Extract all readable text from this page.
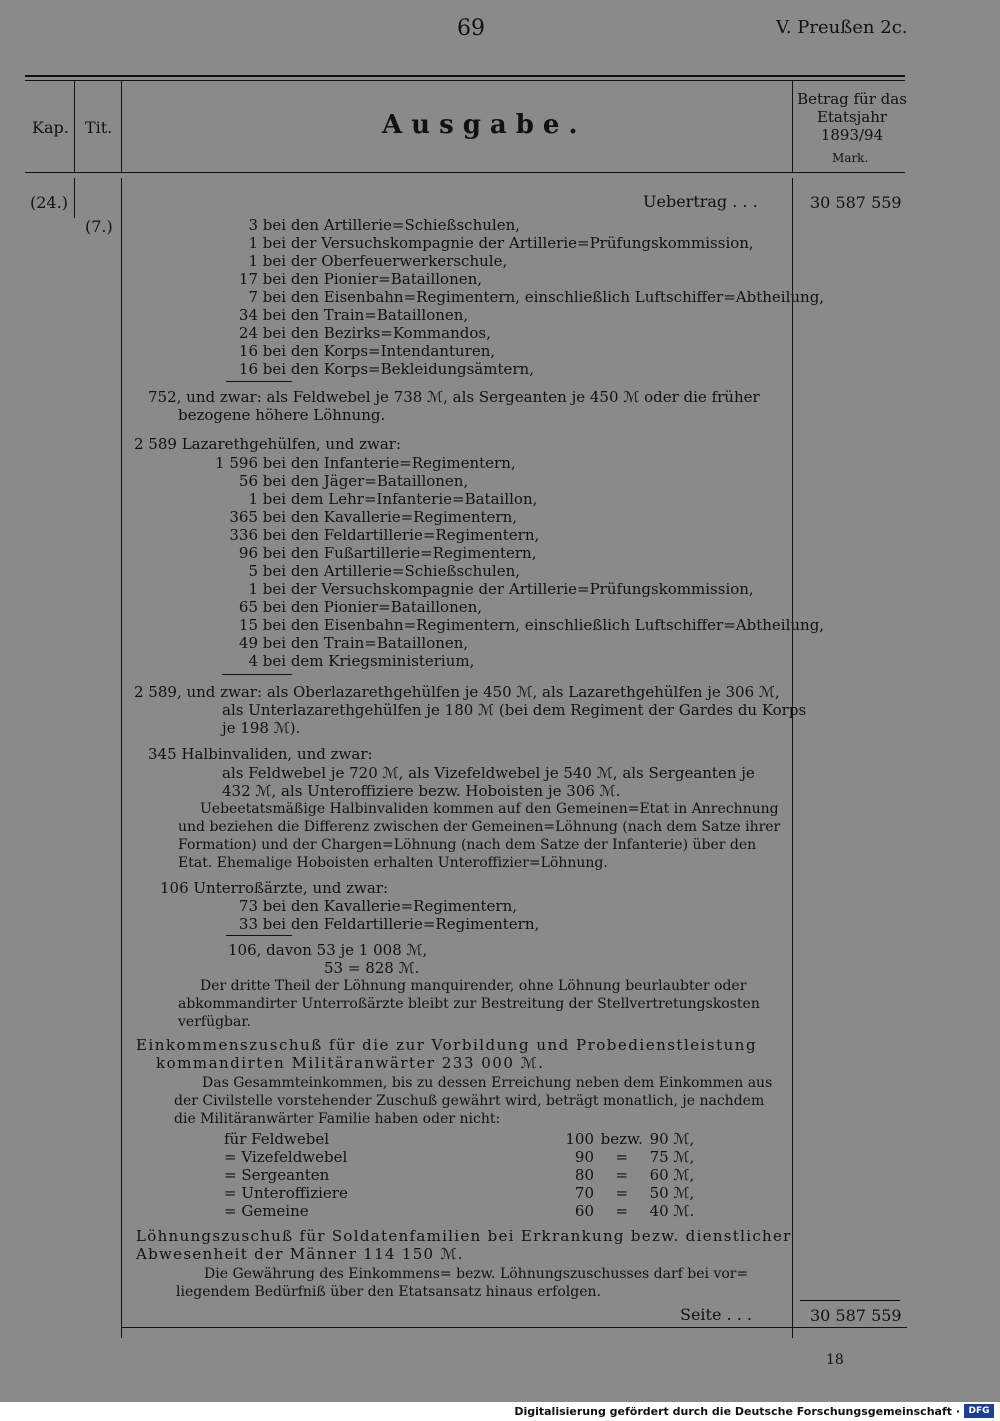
69	V. Preußen 2c.
Kap. Tit.	Ausgabe.
Betrag für das Etatsjahr 1893/94
Mark.
(24.)
(7.)
Uebertrag . . .	30 587 559
3 bei den Artillerie=Schießschulen,
1 bei der Versuchskompagnie der Artillerie=Prüfungskommission,
1 bei der Oberfeuerwerkerschule,
17 bei den Pionier=Bataillonen,
7 bei den Eisenbahn=Regimentern, einschließlich Luftschiffer=Abtheilung,
34 bei den Train=Bataillonen,
24 bei den Bezirks=Kommandos,
16 bei den Korps=Intendanturen,
16 bei den Korps=Bekleidungsämtern,
752, und zwar: als Feldwebel je 738 ℳ, als Sergeanten je 450 ℳ oder die früher
bezogene höhere Löhnung.
2 589 Lazarethgehülfen, und zwar:
1 596 bei den Infanterie=Regimentern,
56 bei den Jäger=Bataillonen,
1 bei dem Lehr=Infanterie=Bataillon,
365 bei den Kavallerie=Regimentern,
336 bei den Feldartillerie=Regimentern,
96 bei den Fußartillerie=Regimentern,
5 bei den Artillerie=Schießschulen,
1 bei der Versuchskompagnie der Artillerie=Prüfungskommission,
65 bei den Pionier=Bataillonen,
15 bei den Eisenbahn=Regimentern, einschließlich Luftschiffer=Abtheilung,
49 bei den Train=Bataillonen,
4 bei dem Kriegsministerium,
2 589, und zwar: als Oberlazarethgehülfen je 450 ℳ, als Lazarethgehülfen je 306 ℳ,
als Unterlazarethgehülfen je 180 ℳ (bei dem Regiment der Gardes du Korps
je 198 ℳ).
345 Halbinvaliden, und zwar:
als Feldwebel je 720 ℳ, als Vizefeldwebel je 540 ℳ, als Sergeanten je
432 ℳ, als Unteroffiziere bezw. Hoboisten je 306 ℳ.
Uebeetatsmäßige Halbinvaliden kommen auf den Gemeinen=Etat in Anrechnung
und beziehen die Differenz zwischen der Gemeinen=Löhnung (nach dem Satze ihrer
Formation) und der Chargen=Löhnung (nach dem Satze der Infanterie) über den
Etat. Ehemalige Hoboisten erhalten Unteroffizier=Löhnung.
106 Unterroßärzte, und zwar:
73 bei den Kavallerie=Regimentern,
33 bei den Feldartillerie=Regimentern,
106, davon 53 je 1 008 ℳ,
53 = 828 ℳ.
Der dritte Theil der Löhnung manquirender, ohne Löhnung beurlaubter oder
abkommandirter Unterroßärzte bleibt zur Bestreitung der Stellvertretungskosten
verfügbar.
Einkommenszuschuß für die zur Vorbildung und Probedienstleistung
kommandirten Militäranwärter 233 000 ℳ.
Das Gesammteinkommen, bis zu dessen Erreichung neben dem Einkommen aus
der Civilstelle vorstehender Zuschuß gewährt wird, beträgt monatlich, je nachdem
die Militäranwärter Familie haben oder nicht:
für Feldwebel	100 bezw. 90 ℳ,
= Vizefeldwebel	90 = 75 ℳ,
= Sergeanten	80 = 60 ℳ,
= Unteroffiziere	70 = 50 ℳ,
= Gemeine	60 = 40 ℳ.
Löhnungszuschuß für Soldatenfamilien bei Erkrankung bezw. dienstlicher
Abwesenheit der Männer 114 150 ℳ.
Die Gewährung des Einkommens= bezw. Löhnungszuschusses darf bei vor=
liegendem Bedürfniß über den Etatsansatz hinaus erfolgen.
Seite . . .	30 587 559
18
Digitalisierung gefördert durch die Deutsche Forschungsgemeinschaft · DFG
